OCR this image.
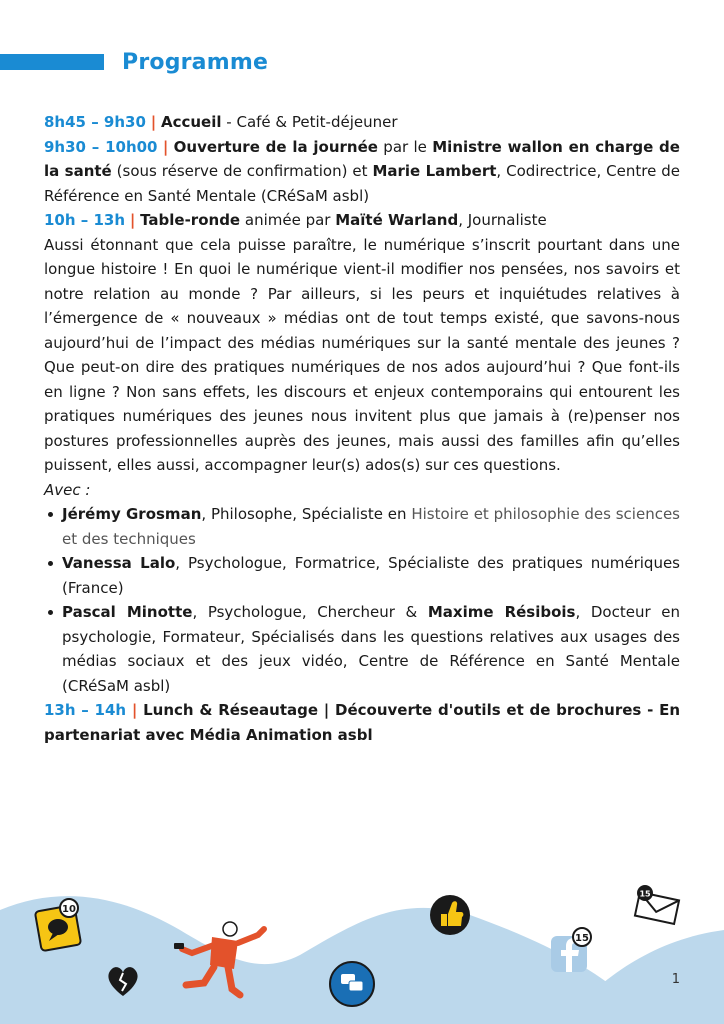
Programme

8h45 – 9h30 | Accueil - Café & Petit-déjeuner

9h30 – 10h00 | Ouverture de la journée par le Ministre wallon en charge de la santé (sous réserve de confirmation) et Marie Lambert, Codirectrice, Centre de Référence en Santé Mentale (CRéSaM asbl)

10h – 13h | Table-ronde animée par Maïté Warland, Journaliste

Aussi étonnant que cela puisse paraître, le numérique s’inscrit pourtant dans une longue histoire ! En quoi le numérique vient-il modifier nos pensées, nos savoirs et notre relation au monde ? Par ailleurs, si les peurs et inquiétudes relatives à l’émergence de « nouveaux » médias ont de tout temps existé, que savons-nous aujourd’hui de l’impact des médias numériques sur la santé mentale des jeunes ? Que peut-on dire des pratiques numériques de nos ados aujourd’hui ? Que font-ils en ligne ? Non sans effets, les discours et enjeux contemporains qui entourent les pratiques numériques des jeunes nous invitent plus que jamais à (re)penser nos postures professionnelles auprès des jeunes, mais aussi des familles afin qu’elles puissent, elles aussi, accompagner leur(s) ados(s) sur ces questions.

Avec :

Jérémy Grosman, Philosophe, Spécialiste en Histoire et philosophie des sciences et des techniques
Vanessa Lalo, Psychologue, Formatrice, Spécialiste des pratiques numériques (France)
Pascal Minotte, Psychologue, Chercheur & Maxime Résibois, Docteur en psychologie, Formateur, Spécialisés dans les questions relatives aux usages des médias sociaux et des jeux vidéo, Centre de Référence en Santé Mentale (CRéSaM asbl)

13h – 14h | Lunch & Réseautage | Découverte d'outils et de brochures - En partenariat avec Média Animation asbl

10
15
15
1
